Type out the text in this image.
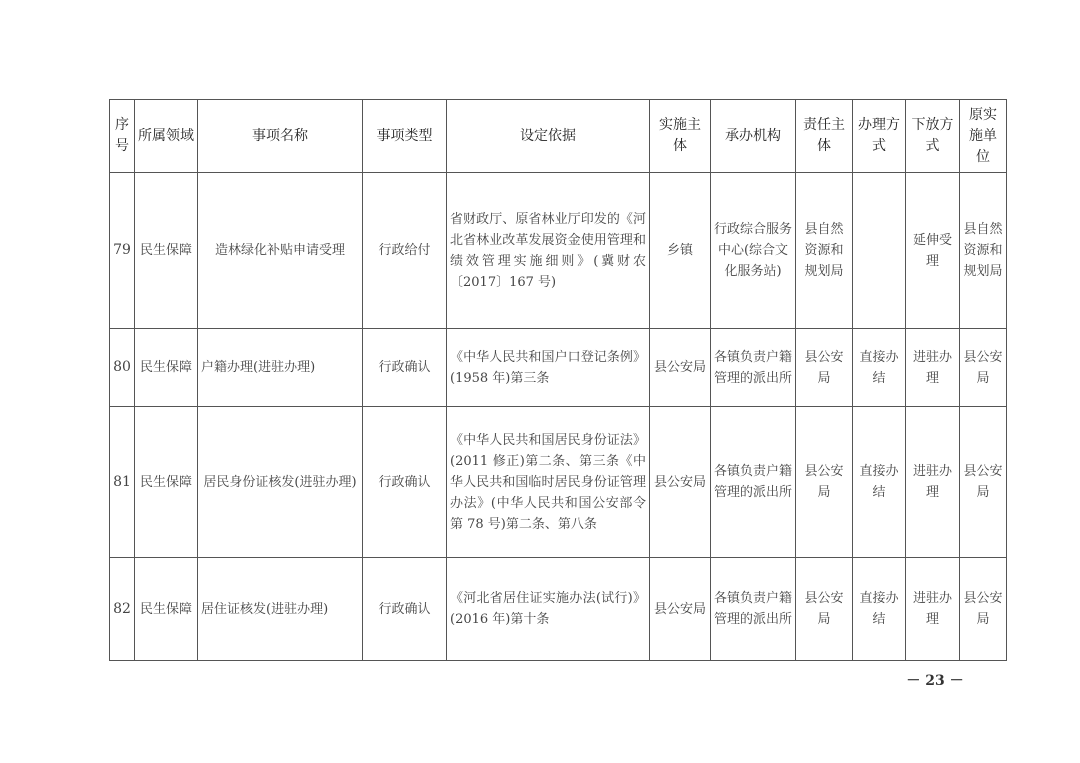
序号	所属领域	事项名称	事项类型	设定依据	实施主体	承办机构	责任主体	办理方式	下放方式	原实施单位
79	民生保障	造林绿化补贴申请受理	行政给付	省财政厅、原省林业厅印发的《河北省林业改革发展资金使用管理和绩效管理实施细则》(冀财农〔2017〕167 号)	乡镇	行政综合服务中心(综合文化服务站)	县自然资源和规划局		延伸受理	县自然资源和规划局
80	民生保障	户籍办理(进驻办理)	行政确认	《中华人民共和国户口登记条例》(1958 年)第三条	县公安局	各镇负责户籍管理的派出所	县公安局	直接办结	进驻办理	县公安局
81	民生保障	居民身份证核发(进驻办理)	行政确认	《中华人民共和国居民身份证法》(2011 修正)第二条、第三条《中华人民共和国临时居民身份证管理办法》(中华人民共和国公安部令第 78 号)第二条、第八条	县公安局	各镇负责户籍管理的派出所	县公安局	直接办结	进驻办理	县公安局
82	民生保障	居住证核发(进驻办理)	行政确认	《河北省居住证实施办法(试行)》(2016 年)第十条	县公安局	各镇负责户籍管理的派出所	县公安局	直接办结	进驻办理	县公安局
－ 23 －
